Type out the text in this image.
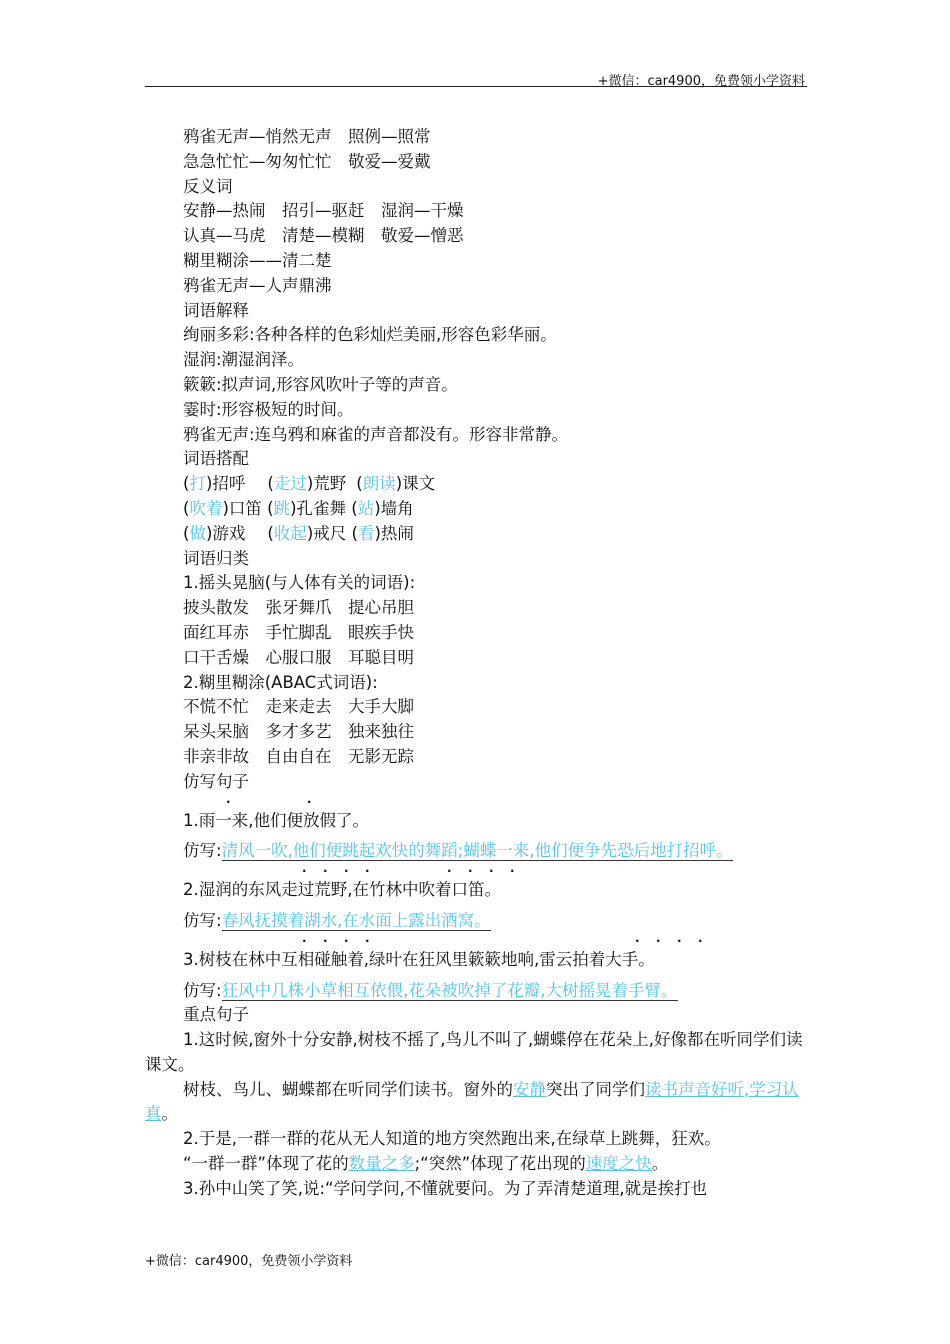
+微信：car4900，免费领小学资料
鸦雀无声—悄然无声　照例—照常
急急忙忙—匆匆忙忙　敬爱—爱戴
反义词
安静—热闹　招引—驱赶　湿润—干燥
认真—马虎　清楚—模糊　敬爱—憎恶
糊里糊涂——清二楚
鸦雀无声—人声鼎沸
词语解释
绚丽多彩:各种各样的色彩灿烂美丽,形容色彩华丽。
湿润:潮湿润泽。
簌簌:拟声词,形容风吹叶子等的声音。
霎时:形容极短的时间。
鸦雀无声:连乌鸦和麻雀的声音都没有。形容非常静。
词语搭配
(打)招呼 (走过)荒野 (朗读)课文
(吹着)口笛 (跳)孔雀舞 (站)墙角
(做)游戏 (收起)戒尺 (看)热闹
词语归类
1.摇头晃脑(与人体有关的词语):
披头散发　张牙舞爪　提心吊胆
面红耳赤　手忙脚乱　眼疾手快
口干舌燥　心服口服　耳聪目明
2.糊里糊涂(ABAC式词语):
不慌不忙　走来走去　大手大脚
呆头呆脑　多才多艺　独来独往
非亲非故　自由自在　无影无踪
仿写句子
·	·
1.雨一来,他们便放假了。
仿写:清风一吹,他们便跳起欢快的舞蹈;蝴蝶一来,他们便争先恐后地打招呼。
· · · ·	· · · ·
2.湿润的东风走过荒野,在竹林中吹着口笛。
仿写:春风抚摸着湖水,在水面上露出酒窝。
· · · ·	· · · ·
3.树枝在林中互相碰触着,绿叶在狂风里簌簌地响,雷云拍着大手。
仿写:狂风中几株小草相互依偎,花朵被吹掉了花瓣,大树摇晃着手臂。
重点句子
1.这时候,窗外十分安静,树枝不摇了,鸟儿不叫了,蝴蝶停在花朵上,好像都在听同学们读课文。
树枝、鸟儿、蝴蝶都在听同学们读书。窗外的安静突出了同学们读书声音好听,学习认真。
2.于是,一群一群的花从无人知道的地方突然跑出来,在绿草上跳舞，狂欢。
“一群一群”体现了花的数量之多;“突然”体现了花出现的速度之快。
3.孙中山笑了笑,说:“学问学问,不懂就要问。为了弄清楚道理,就是挨打也
+微信：car4900，免费领小学资料
